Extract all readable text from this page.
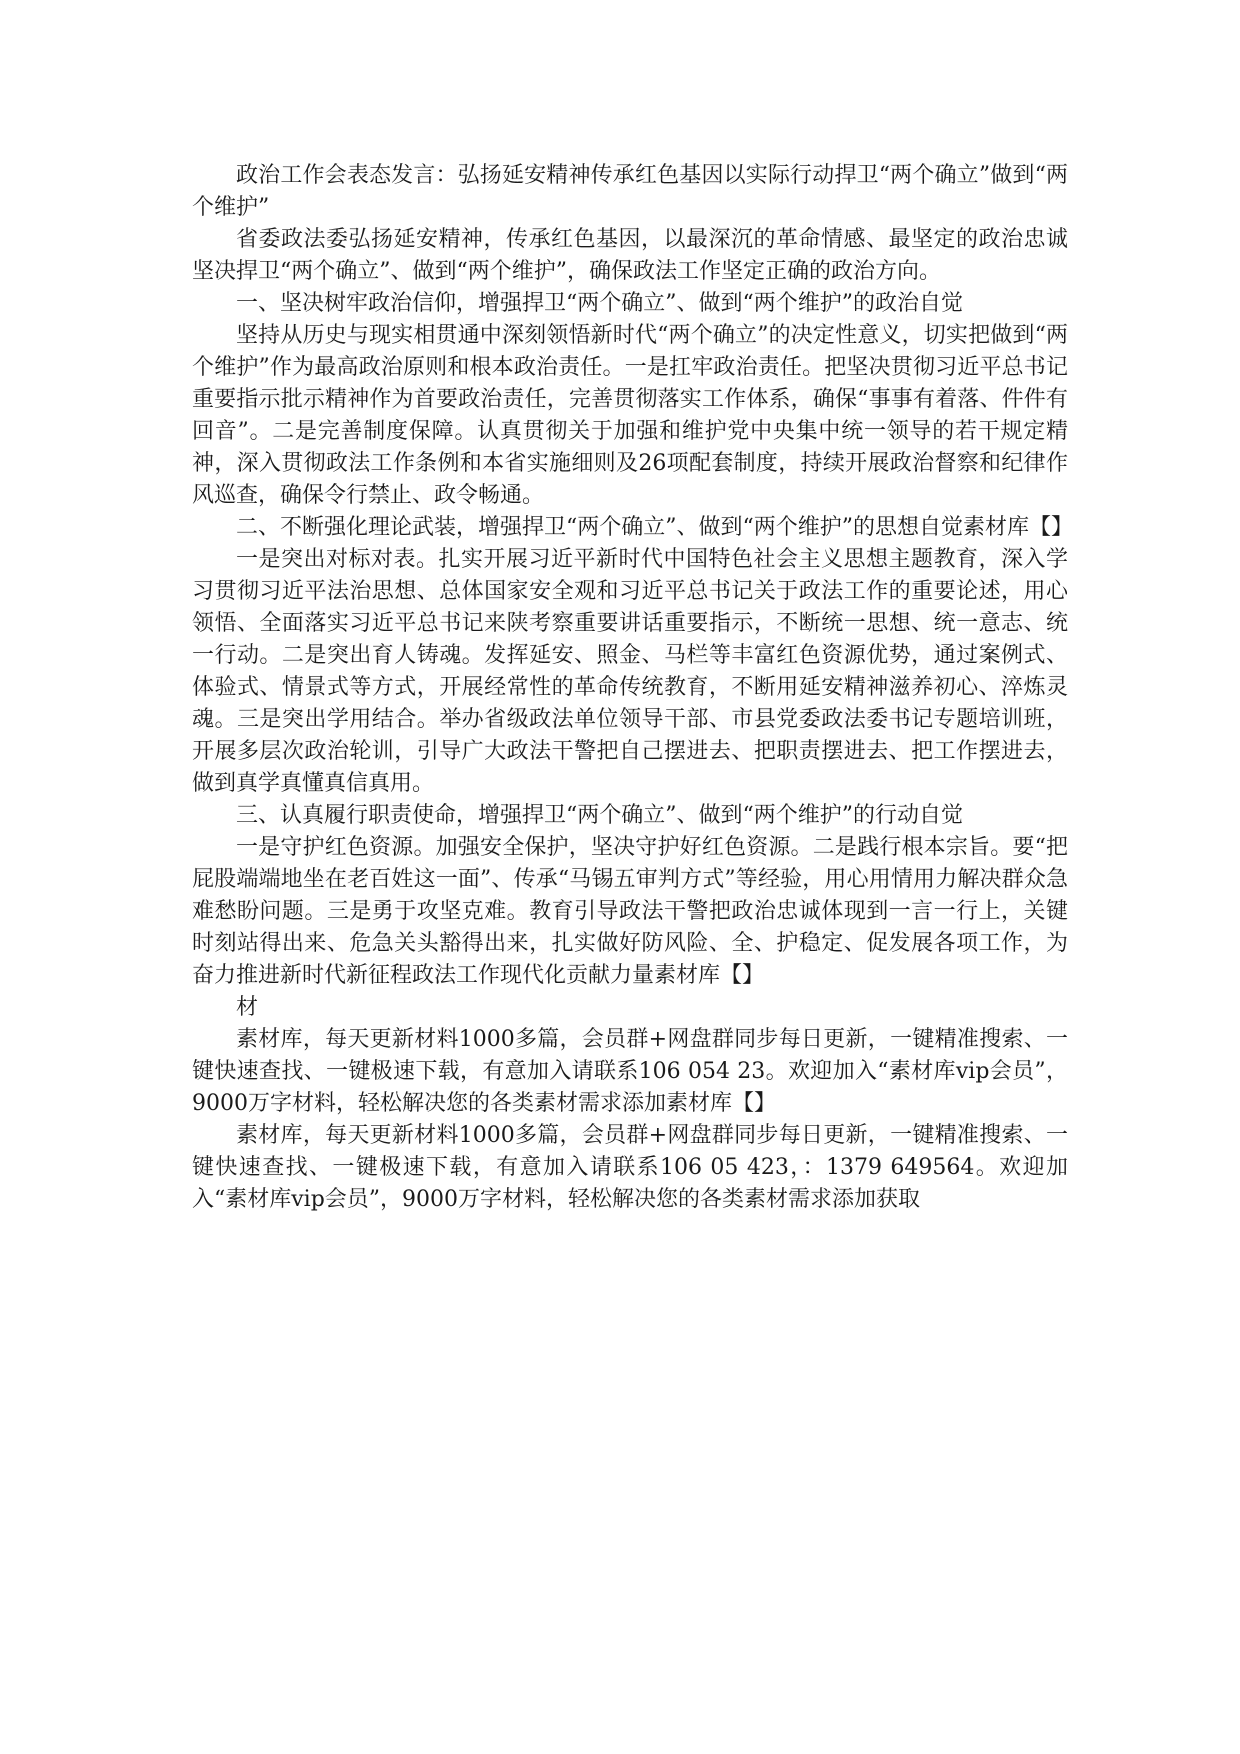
政治工作会表态发言：弘扬延安精神传承红色基因以实际行动捍卫“两个确立”做到“两个维护”

省委政法委弘扬延安精神，传承红色基因，以最深沉的革命情感、最坚定的政治忠诚坚决捍卫“两个确立”、做到“两个维护”，确保政法工作坚定正确的政治方向。

一、坚决树牢政治信仰，增强捍卫“两个确立”、做到“两个维护”的政治自觉

坚持从历史与现实相贯通中深刻领悟新时代“两个确立”的决定性意义，切实把做到“两个维护”作为最高政治原则和根本政治责任。一是扛牢政治责任。把坚决贯彻习近平总书记重要指示批示精神作为首要政治责任，完善贯彻落实工作体系，确保“事事有着落、件件有回音”。二是完善制度保障。认真贯彻关于加强和维护党中央集中统一领导的若干规定精神，深入贯彻政法工作条例和本省实施细则及26项配套制度，持续开展政治督察和纪律作风巡查，确保令行禁止、政令畅通。

二、不断强化理论武装，增强捍卫“两个确立”、做到“两个维护”的思想自觉素材库【】

一是突出对标对表。扎实开展习近平新时代中国特色社会主义思想主题教育，深入学习贯彻习近平法治思想、总体国家安全观和习近平总书记关于政法工作的重要论述，用心领悟、全面落实习近平总书记来陕考察重要讲话重要指示，不断统一思想、统一意志、统一行动。二是突出育人铸魂。发挥延安、照金、马栏等丰富红色资源优势，通过案例式、体验式、情景式等方式，开展经常性的革命传统教育，不断用延安精神滋养初心、淬炼灵魂。三是突出学用结合。举办省级政法单位领导干部、市县党委政法委书记专题培训班，开展多层次政治轮训，引导广大政法干警把自己摆进去、把职责摆进去、把工作摆进去，做到真学真懂真信真用。

三、认真履行职责使命，增强捍卫“两个确立”、做到“两个维护”的行动自觉

一是守护红色资源。加强安全保护，坚决守护好红色资源。二是践行根本宗旨。要“把屁股端端地坐在老百姓这一面”、传承“马锡五审判方式”等经验，用心用情用力解决群众急难愁盼问题。三是勇于攻坚克难。教育引导政法干警把政治忠诚体现到一言一行上，关键时刻站得出来、危急关头豁得出来，扎实做好防风险、全、护稳定、促发展各项工作，为奋力推进新时代新征程政法工作现代化贡献力量素材库【】

材

素材库，每天更新材料1000多篇，会员群+网盘群同步每日更新，一键精准搜索、一键快速查找、一键极速下载，有意加入请联系106 054 23。欢迎加入“素材库vip会员”，9000万字材料，轻松解决您的各类素材需求添加素材库【】

素材库，每天更新材料1000多篇，会员群+网盘群同步每日更新，一键精准搜索、一键快速查找、一键极速下载，有意加入请联系106 05 423，：1379 649564。欢迎加入“素材库vip会员”，9000万字材料，轻松解决您的各类素材需求添加获取
